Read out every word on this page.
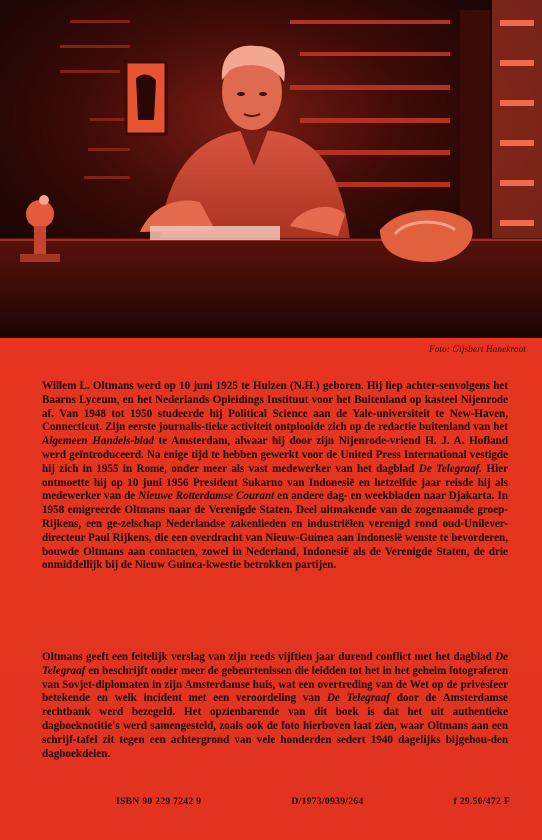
Foto: Gijsbert Hanekroot

Willem L. Oltmans werd op 10 juni 1925 te Huizen (N.H.) geboren. Hij liep achter-senvolgens het Baarns Lyceum, en het Nederlands Opleidings Instituut voor het Buitenland op kasteel Nijenrode af. Van 1948 tot 1950 studeerde hij Political Science aan de Yale-universiteit te New-Haven, Connecticut. Zijn eerste journalis-tieke activiteit ontplooide zich op de redactie buitenland van het Algemeen Handels-blad te Amsterdam, alwaar hij door zijn Nijenrode-vriend H. J. A. Hofland werd geïntroduceerd. Na enige tijd te hebben gewerkt voor de United Press International vestigde hij zich in 1955 in Rome, onder meer als vast medewerker van het dagblad De Telegraaf. Hier ontmoette hij op 10 juni 1956 President Sukarno van Indonesië en hetzelfde jaar reisde hij als medewerker van de Nieuwe Rotterdamse Courant en andere dag- en weekbladen naar Djakarta. In 1958 emigreerde Oltmans naar de Verenigde Staten. Deel uitmakende van de zogenaamde groep-Rijkens, een ge-zelschap Nederlandse zakenlieden en industriëlen verenigd rond oud-Unilever-directeur Paul Rijkens, die een overdracht van Nieuw-Guinea aan Indonesië wenste te bevorderen, bouwde Oltmans aan contacten, zowel in Nederland, Indonesië als de Verenigde Staten, de drie onmiddellijk bij de Nieuw Guinea-kwestie betrokken partijen.

Oltmans geeft een feitelijk verslag van zijn reeds vijftien jaar durend conflict met het dagblad De Telegraaf en beschrijft onder meer de gebeurtenissen die leidden tot het in het geheim fotograferen van Sovjet-diplomaten in zijn Amsterdamse huis, wat een overtreding van de Wet op de privésfeer betekende en welk incident met een veroordeling van De Telegraaf door de Amsterdamse rechtbank werd bezegeld. Het opzienbarende van dit boek is dat het uit authentieke dagboeknotitie's werd samengesteld, zoals ook de foto hierboven laat zien, waar Oltmans aan een schrijf-tafel zit tegen een achtergrond van vele honderden sedert 1940 dagelijks bijgehou-den dagboekdelen.

ISBN 90 229 7242 9	D/1973/0939/264	f 29.50/472 F
